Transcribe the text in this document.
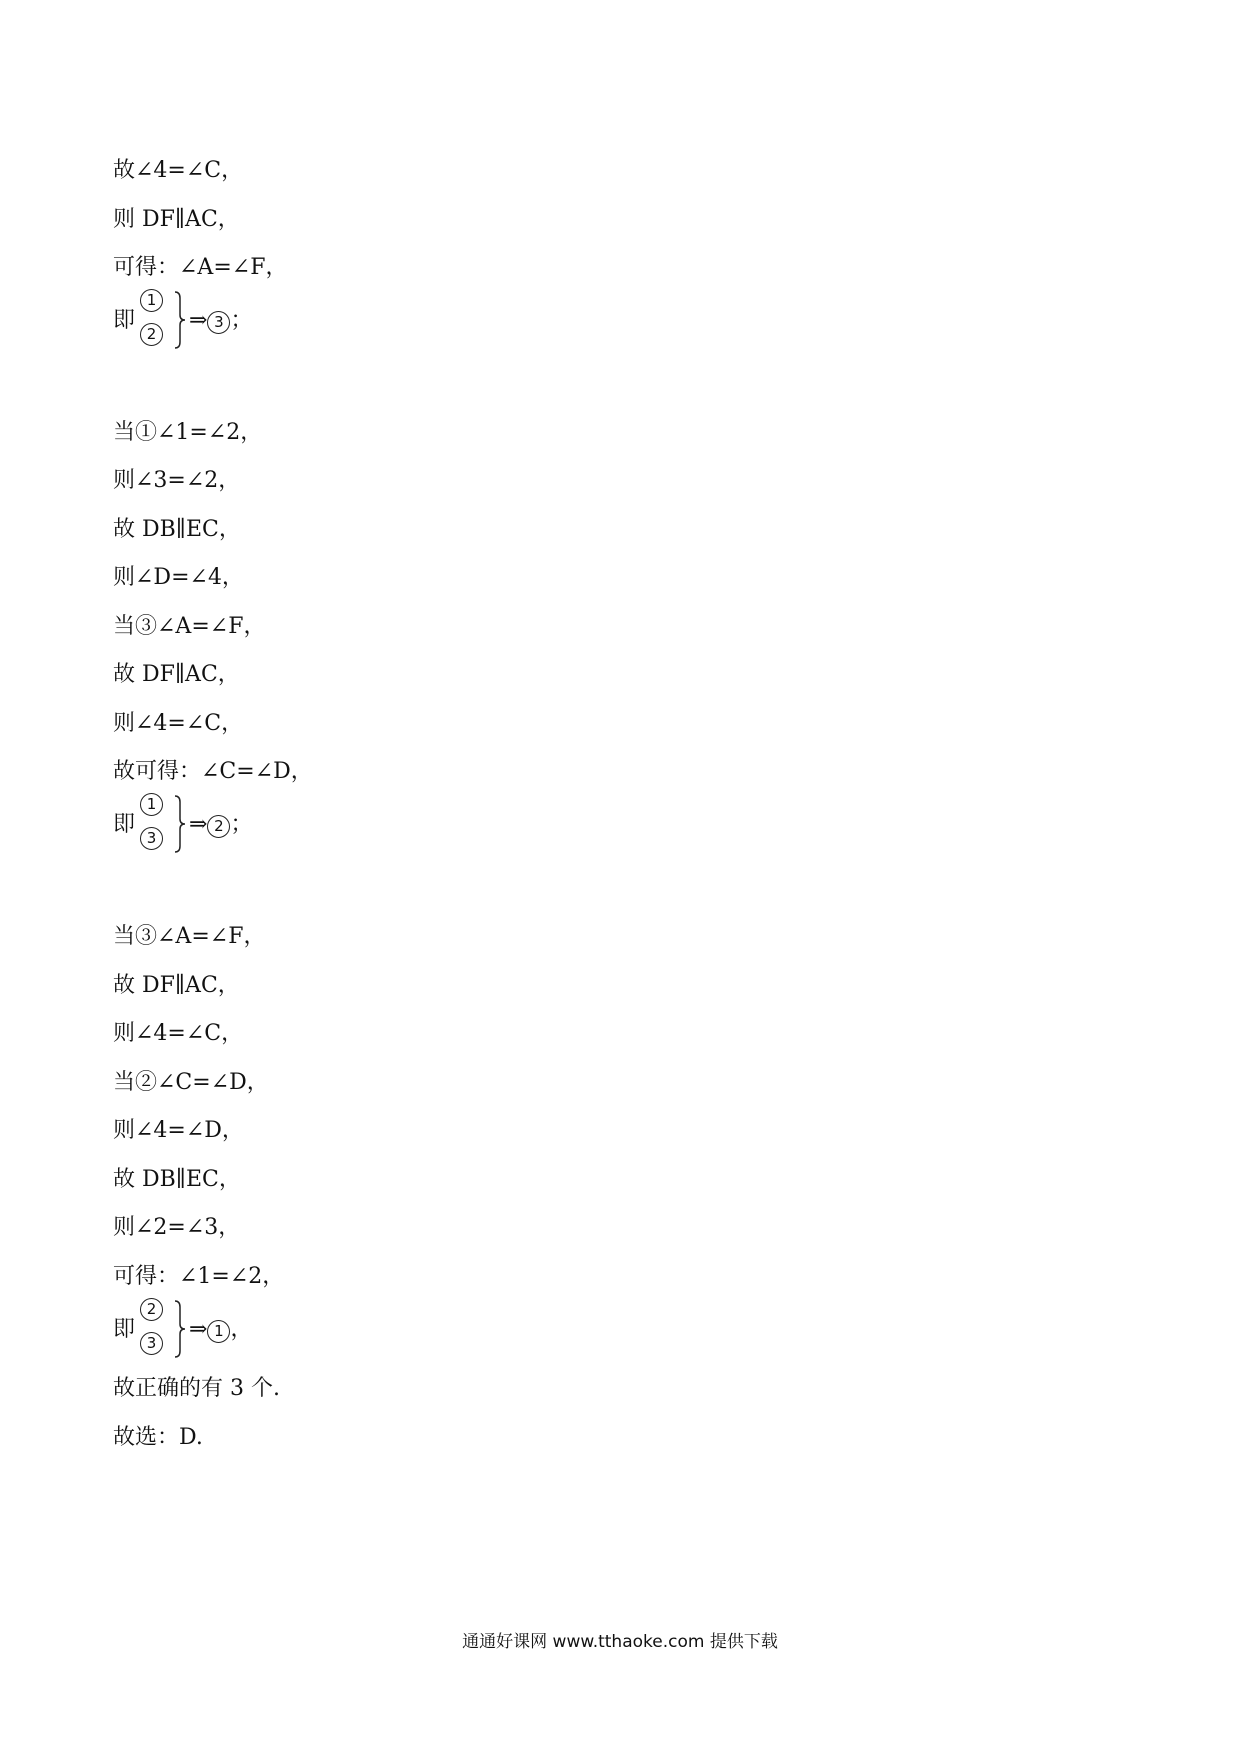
故∠4=∠C，
则 DF∥AC，
可得：∠A=∠F，
即
1
2
⇒ 3 ；
当①∠1=∠2，
则∠3=∠2，
故 DB∥EC，
则∠D=∠4，
当③∠A=∠F，
故 DF∥AC，
则∠4=∠C，
故可得：∠C=∠D，
即
1
3
⇒ 2 ；
当③∠A=∠F，
故 DF∥AC，
则∠4=∠C，
当②∠C=∠D，
则∠4=∠D，
故 DB∥EC，
则∠2=∠3，
可得：∠1=∠2，
即
2
3
⇒ 1 ，
故正确的有 3 个.
故选：D.
通通好课网 www.tthaoke.com 提供下载
